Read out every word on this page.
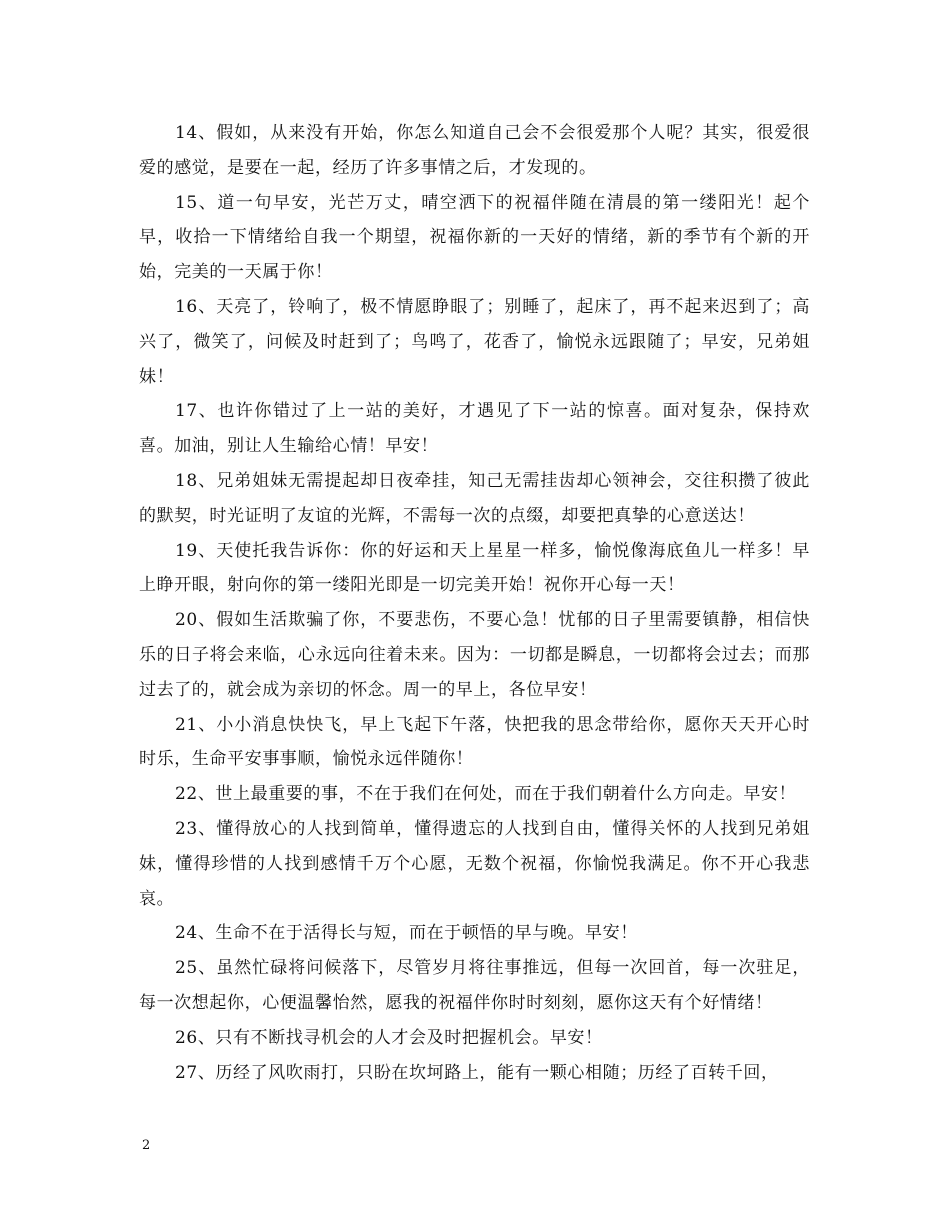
14、假如，从来没有开始，你怎么知道自己会不会很爱那个人呢？其实，很爱很爱的感觉，是要在一起，经历了许多事情之后，才发现的。

15、道一句早安，光芒万丈，晴空洒下的祝福伴随在清晨的第一缕阳光！起个早，收拾一下情绪给自我一个期望，祝福你新的一天好的情绪，新的季节有个新的开始，完美的一天属于你！

16、天亮了，铃响了，极不情愿睁眼了；别睡了，起床了，再不起来迟到了；高兴了，微笑了，问候及时赶到了；鸟鸣了，花香了，愉悦永远跟随了；早安，兄弟姐妹！

17、也许你错过了上一站的美好，才遇见了下一站的惊喜。面对复杂，保持欢喜。加油，别让人生输给心情！早安！

18、兄弟姐妹无需提起却日夜牵挂，知己无需挂齿却心领神会，交往积攒了彼此的默契，时光证明了友谊的光辉，不需每一次的点缀，却要把真挚的心意送达！

19、天使托我告诉你：你的好运和天上星星一样多，愉悦像海底鱼儿一样多！早上睁开眼，射向你的第一缕阳光即是一切完美开始！祝你开心每一天！

20、假如生活欺骗了你，不要悲伤，不要心急！忧郁的日子里需要镇静，相信快乐的日子将会来临，心永远向往着未来。因为：一切都是瞬息，一切都将会过去；而那过去了的，就会成为亲切的怀念。周一的早上，各位早安！

21、小小消息快快飞，早上飞起下午落，快把我的思念带给你，愿你天天开心时时乐，生命平安事事顺，愉悦永远伴随你！

22、世上最重要的事，不在于我们在何处，而在于我们朝着什么方向走。早安！

23、懂得放心的人找到简单，懂得遗忘的人找到自由，懂得关怀的人找到兄弟姐妹，懂得珍惜的人找到感情千万个心愿，无数个祝福，你愉悦我满足。你不开心我悲哀。

24、生命不在于活得长与短，而在于顿悟的早与晚。早安！

25、虽然忙碌将问候落下，尽管岁月将往事推远，但每一次回首，每一次驻足，每一次想起你，心便温馨怡然，愿我的祝福伴你时时刻刻，愿你这天有个好情绪！

26、只有不断找寻机会的人才会及时把握机会。早安！

27、历经了风吹雨打，只盼在坎坷路上，能有一颗心相随；历经了百转千回，

2
